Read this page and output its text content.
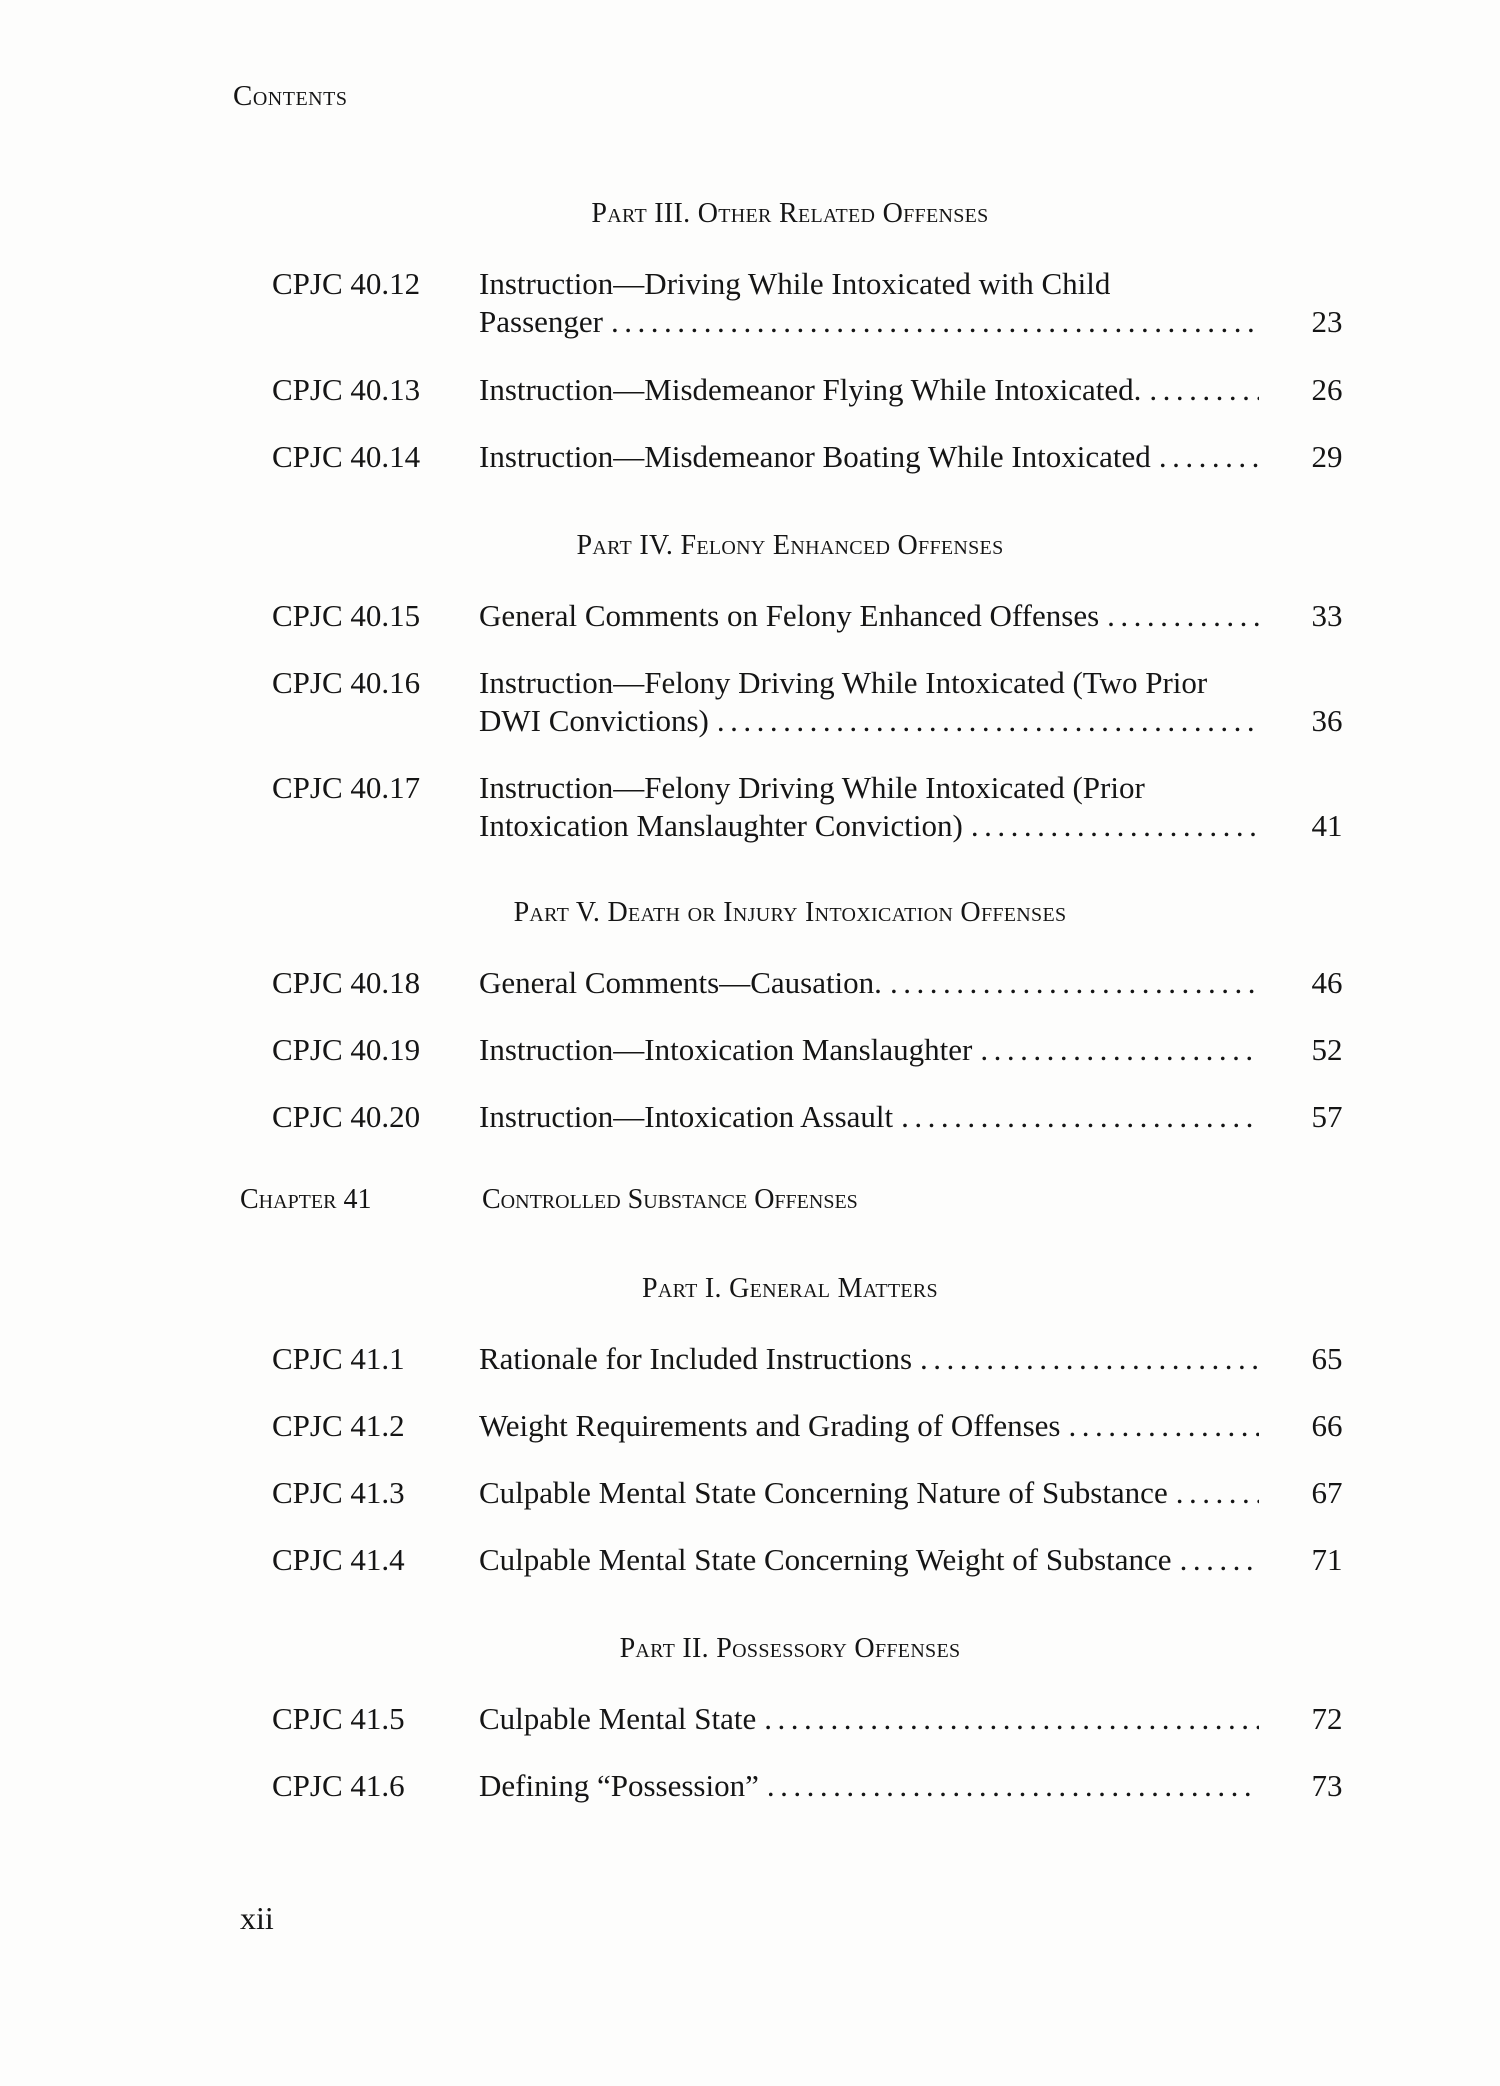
Contents
Part III. Other Related Offenses
CPJC 40.12 Instruction—Driving While Intoxicated with Child
Passenger .....	23
CPJC 40.13 Instruction—Misdemeanor Flying While Intoxicated. .....	26
CPJC 40.14 Instruction—Misdemeanor Boating While Intoxicated .....	29
Part IV. Felony Enhanced Offenses
CPJC 40.15 General Comments on Felony Enhanced Offenses .....	33
CPJC 40.16 Instruction—Felony Driving While Intoxicated (Two Prior
DWI Convictions) .....	36
CPJC 40.17 Instruction—Felony Driving While Intoxicated (Prior
Intoxication Manslaughter Conviction) .....	41
Part V. Death or Injury Intoxication Offenses
CPJC 40.18 General Comments—Causation. .....	46
CPJC 40.19 Instruction—Intoxication Manslaughter .....	52
CPJC 40.20 Instruction—Intoxication Assault .....	57
Chapter 41	Controlled Substance Offenses
Part I. General Matters
CPJC 41.1 Rationale for Included Instructions .....	65
CPJC 41.2 Weight Requirements and Grading of Offenses .....	66
CPJC 41.3 Culpable Mental State Concerning Nature of Substance .....	67
CPJC 41.4 Culpable Mental State Concerning Weight of Substance .....	71
Part II. Possessory Offenses
CPJC 41.5 Culpable Mental State .....	72
CPJC 41.6 Defining “Possession” .....	73
xii
